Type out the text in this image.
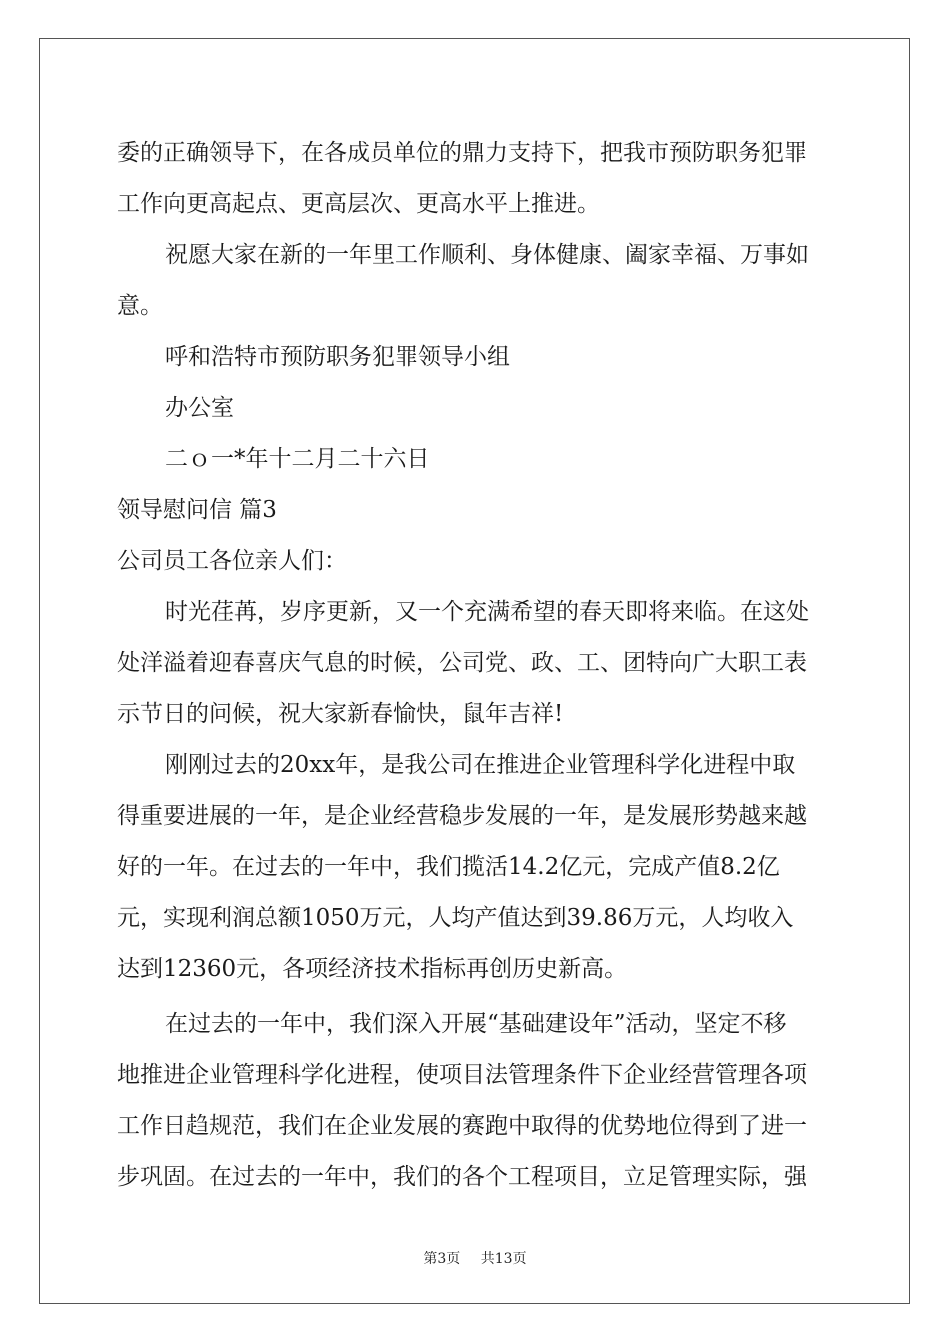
委的正确领导下，在各成员单位的鼎力支持下，把我市预防职务犯罪
工作向更高起点、更高层次、更高水平上推进。
祝愿大家在新的一年里工作顺利、身体健康、阖家幸福、万事如
意。
呼和浩特市预防职务犯罪领导小组
办公室
二ｏ一*年十二月二十六日
领导慰问信 篇3
公司员工各位亲人们：
时光荏苒，岁序更新，又一个充满希望的春天即将来临。在这处
处洋溢着迎春喜庆气息的时候，公司党、政、工、团特向广大职工表
示节日的问候，祝大家新春愉快，鼠年吉祥!
刚刚过去的20xx年，是我公司在推进企业管理科学化进程中取
得重要进展的一年，是企业经营稳步发展的一年，是发展形势越来越
好的一年。在过去的一年中，我们揽活14.2亿元，完成产值8.2亿
元，实现利润总额1050万元，人均产值达到39.86万元，人均收入
达到12360元，各项经济技术指标再创历史新高。
在过去的一年中，我们深入开展“基础建设年”活动，坚定不移
地推进企业管理科学化进程，使项目法管理条件下企业经营管理各项
工作日趋规范，我们在企业发展的赛跑中取得的优势地位得到了进一
步巩固。在过去的一年中，我们的各个工程项目，立足管理实际，强
第3页 共13页
